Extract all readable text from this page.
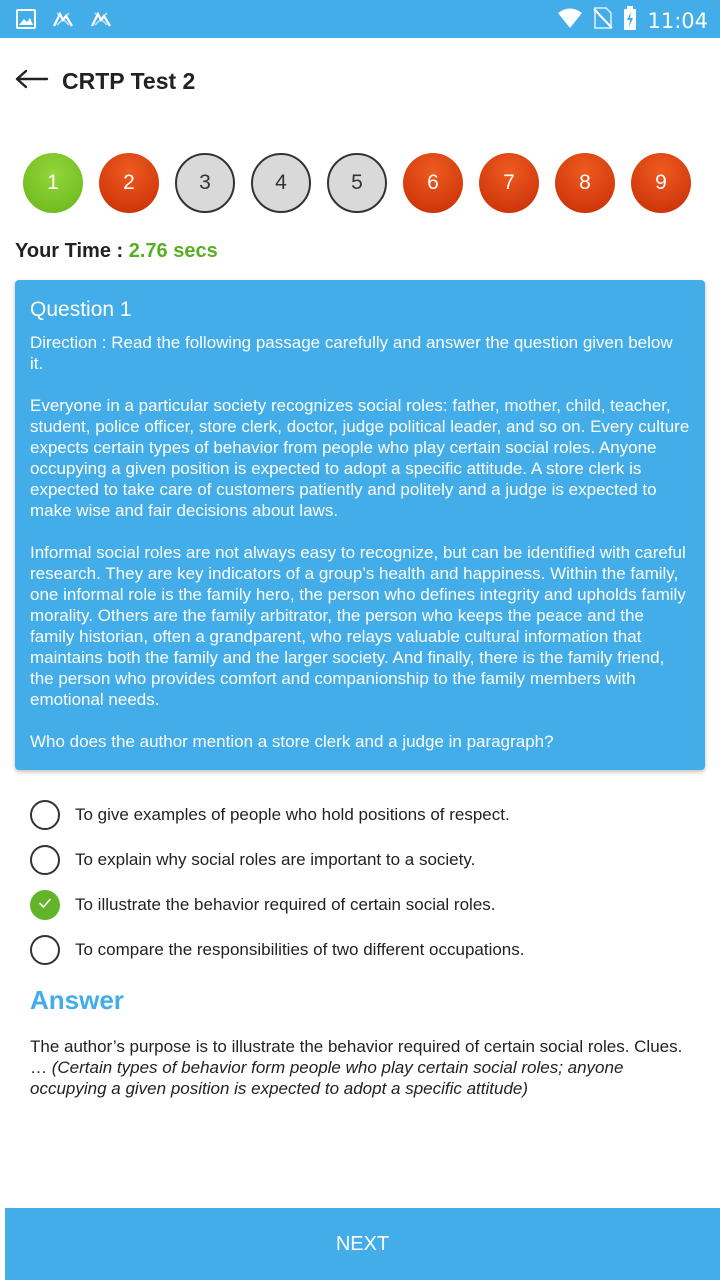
11:04
CRTP Test 2
1	2	3	4	5	6	7	8	9
Your Time : 2.76 secs
Question 1

Direction : Read the following passage carefully and answer the question given below it.

Everyone in a particular society recognizes social roles: father, mother, child, teacher, student, police officer, store clerk, doctor, judge political leader, and so on. Every culture expects certain types of behavior from people who play certain social roles. Anyone occupying a given position is expected to adopt a specific attitude. A store clerk is expected to take care of customers patiently and politely and a judge is expected to make wise and fair decisions about laws.

Informal social roles are not always easy to recognize, but can be identified with careful research. They are key indicators of a group’s health and happiness. Within the family, one informal role is the family hero, the person who defines integrity and upholds family morality. Others are the family arbitrator, the person who keeps the peace and the family historian, often a grandparent, who relays valuable cultural information that maintains both the family and the larger society. And finally, there is the family friend, the person who provides comfort and companionship to the family members with emotional needs.

Who does the author mention a store clerk and a judge in paragraph?

To give examples of people who hold positions of respect.
To explain why social roles are important to a society.
To illustrate the behavior required of certain social roles.
To compare the responsibilities of two different occupations.
Answer
The author’s purpose is to illustrate the behavior required of certain social roles. Clues. … (Certain types of behavior form people who play certain social roles; anyone occupying a given position is expected to adopt a specific attitude)
NEXT
